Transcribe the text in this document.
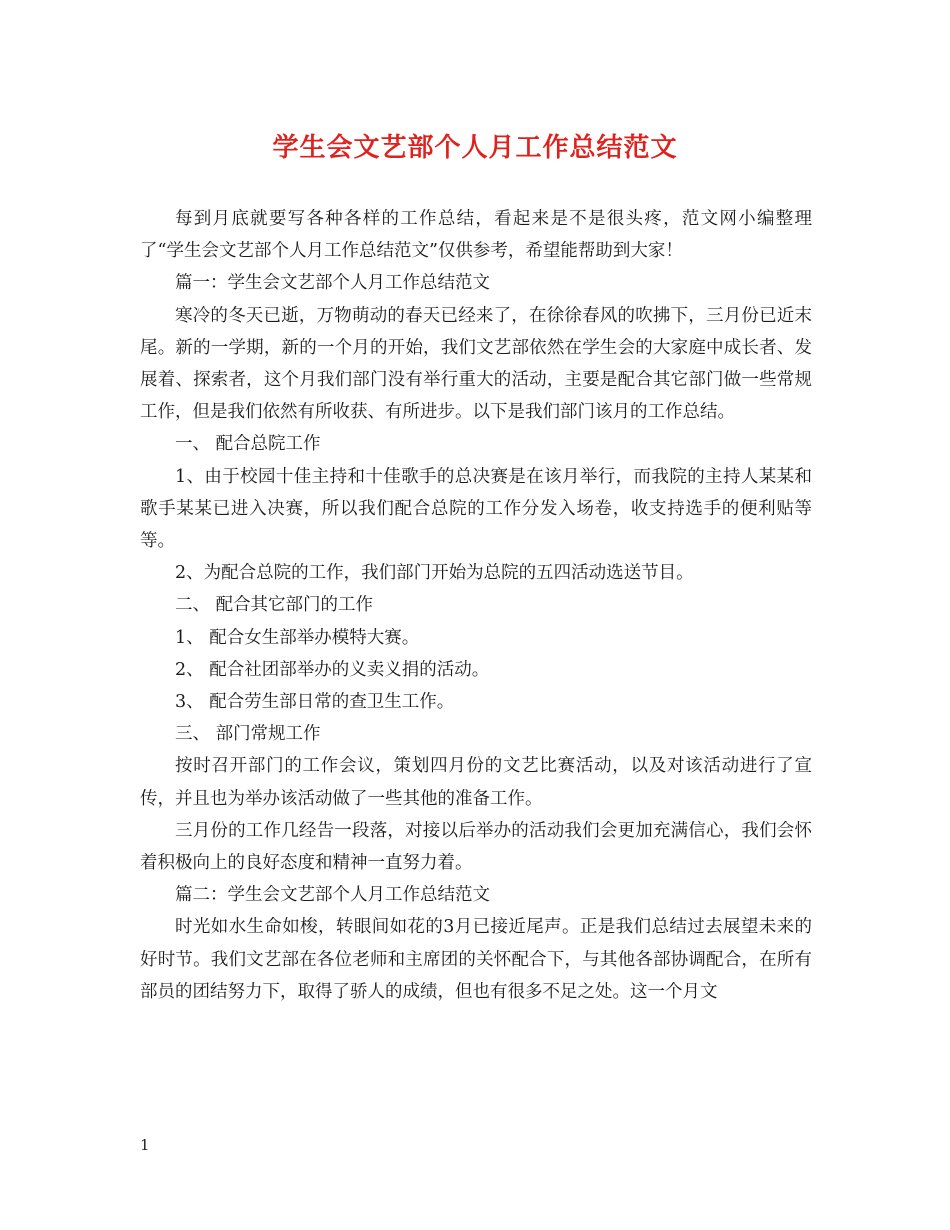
学生会文艺部个人月工作总结范文

每到月底就要写各种各样的工作总结，看起来是不是很头疼，范文网小编整理了“学生会文艺部个人月工作总结范文”仅供参考，希望能帮助到大家！

篇一：学生会文艺部个人月工作总结范文

寒冷的冬天已逝，万物萌动的春天已经来了，在徐徐春风的吹拂下，三月份已近末尾。新的一学期，新的一个月的开始，我们文艺部依然在学生会的大家庭中成长者、发展着、探索者，这个月我们部门没有举行重大的活动，主要是配合其它部门做一些常规工作，但是我们依然有所收获、有所进步。以下是我们部门该月的工作总结。

一、 配合总院工作

1、由于校园十佳主持和十佳歌手的总决赛是在该月举行，而我院的主持人某某和歌手某某已进入决赛，所以我们配合总院的工作分发入场卷，收支持选手的便利贴等等。

2、为配合总院的工作，我们部门开始为总院的五四活动选送节目。

二、 配合其它部门的工作

1、 配合女生部举办模特大赛。

2、 配合社团部举办的义卖义捐的活动。

3、 配合劳生部日常的查卫生工作。

三、 部门常规工作

按时召开部门的工作会议，策划四月份的文艺比赛活动，以及对该活动进行了宣传，并且也为举办该活动做了一些其他的准备工作。

三月份的工作几经告一段落，对接以后举办的活动我们会更加充满信心，我们会怀着积极向上的良好态度和精神一直努力着。

篇二：学生会文艺部个人月工作总结范文

时光如水生命如梭，转眼间如花的3月已接近尾声。正是我们总结过去展望未来的好时节。我们文艺部在各位老师和主席团的关怀配合下，与其他各部协调配合，在所有部员的团结努力下，取得了骄人的成绩，但也有很多不足之处。这一个月文

1
